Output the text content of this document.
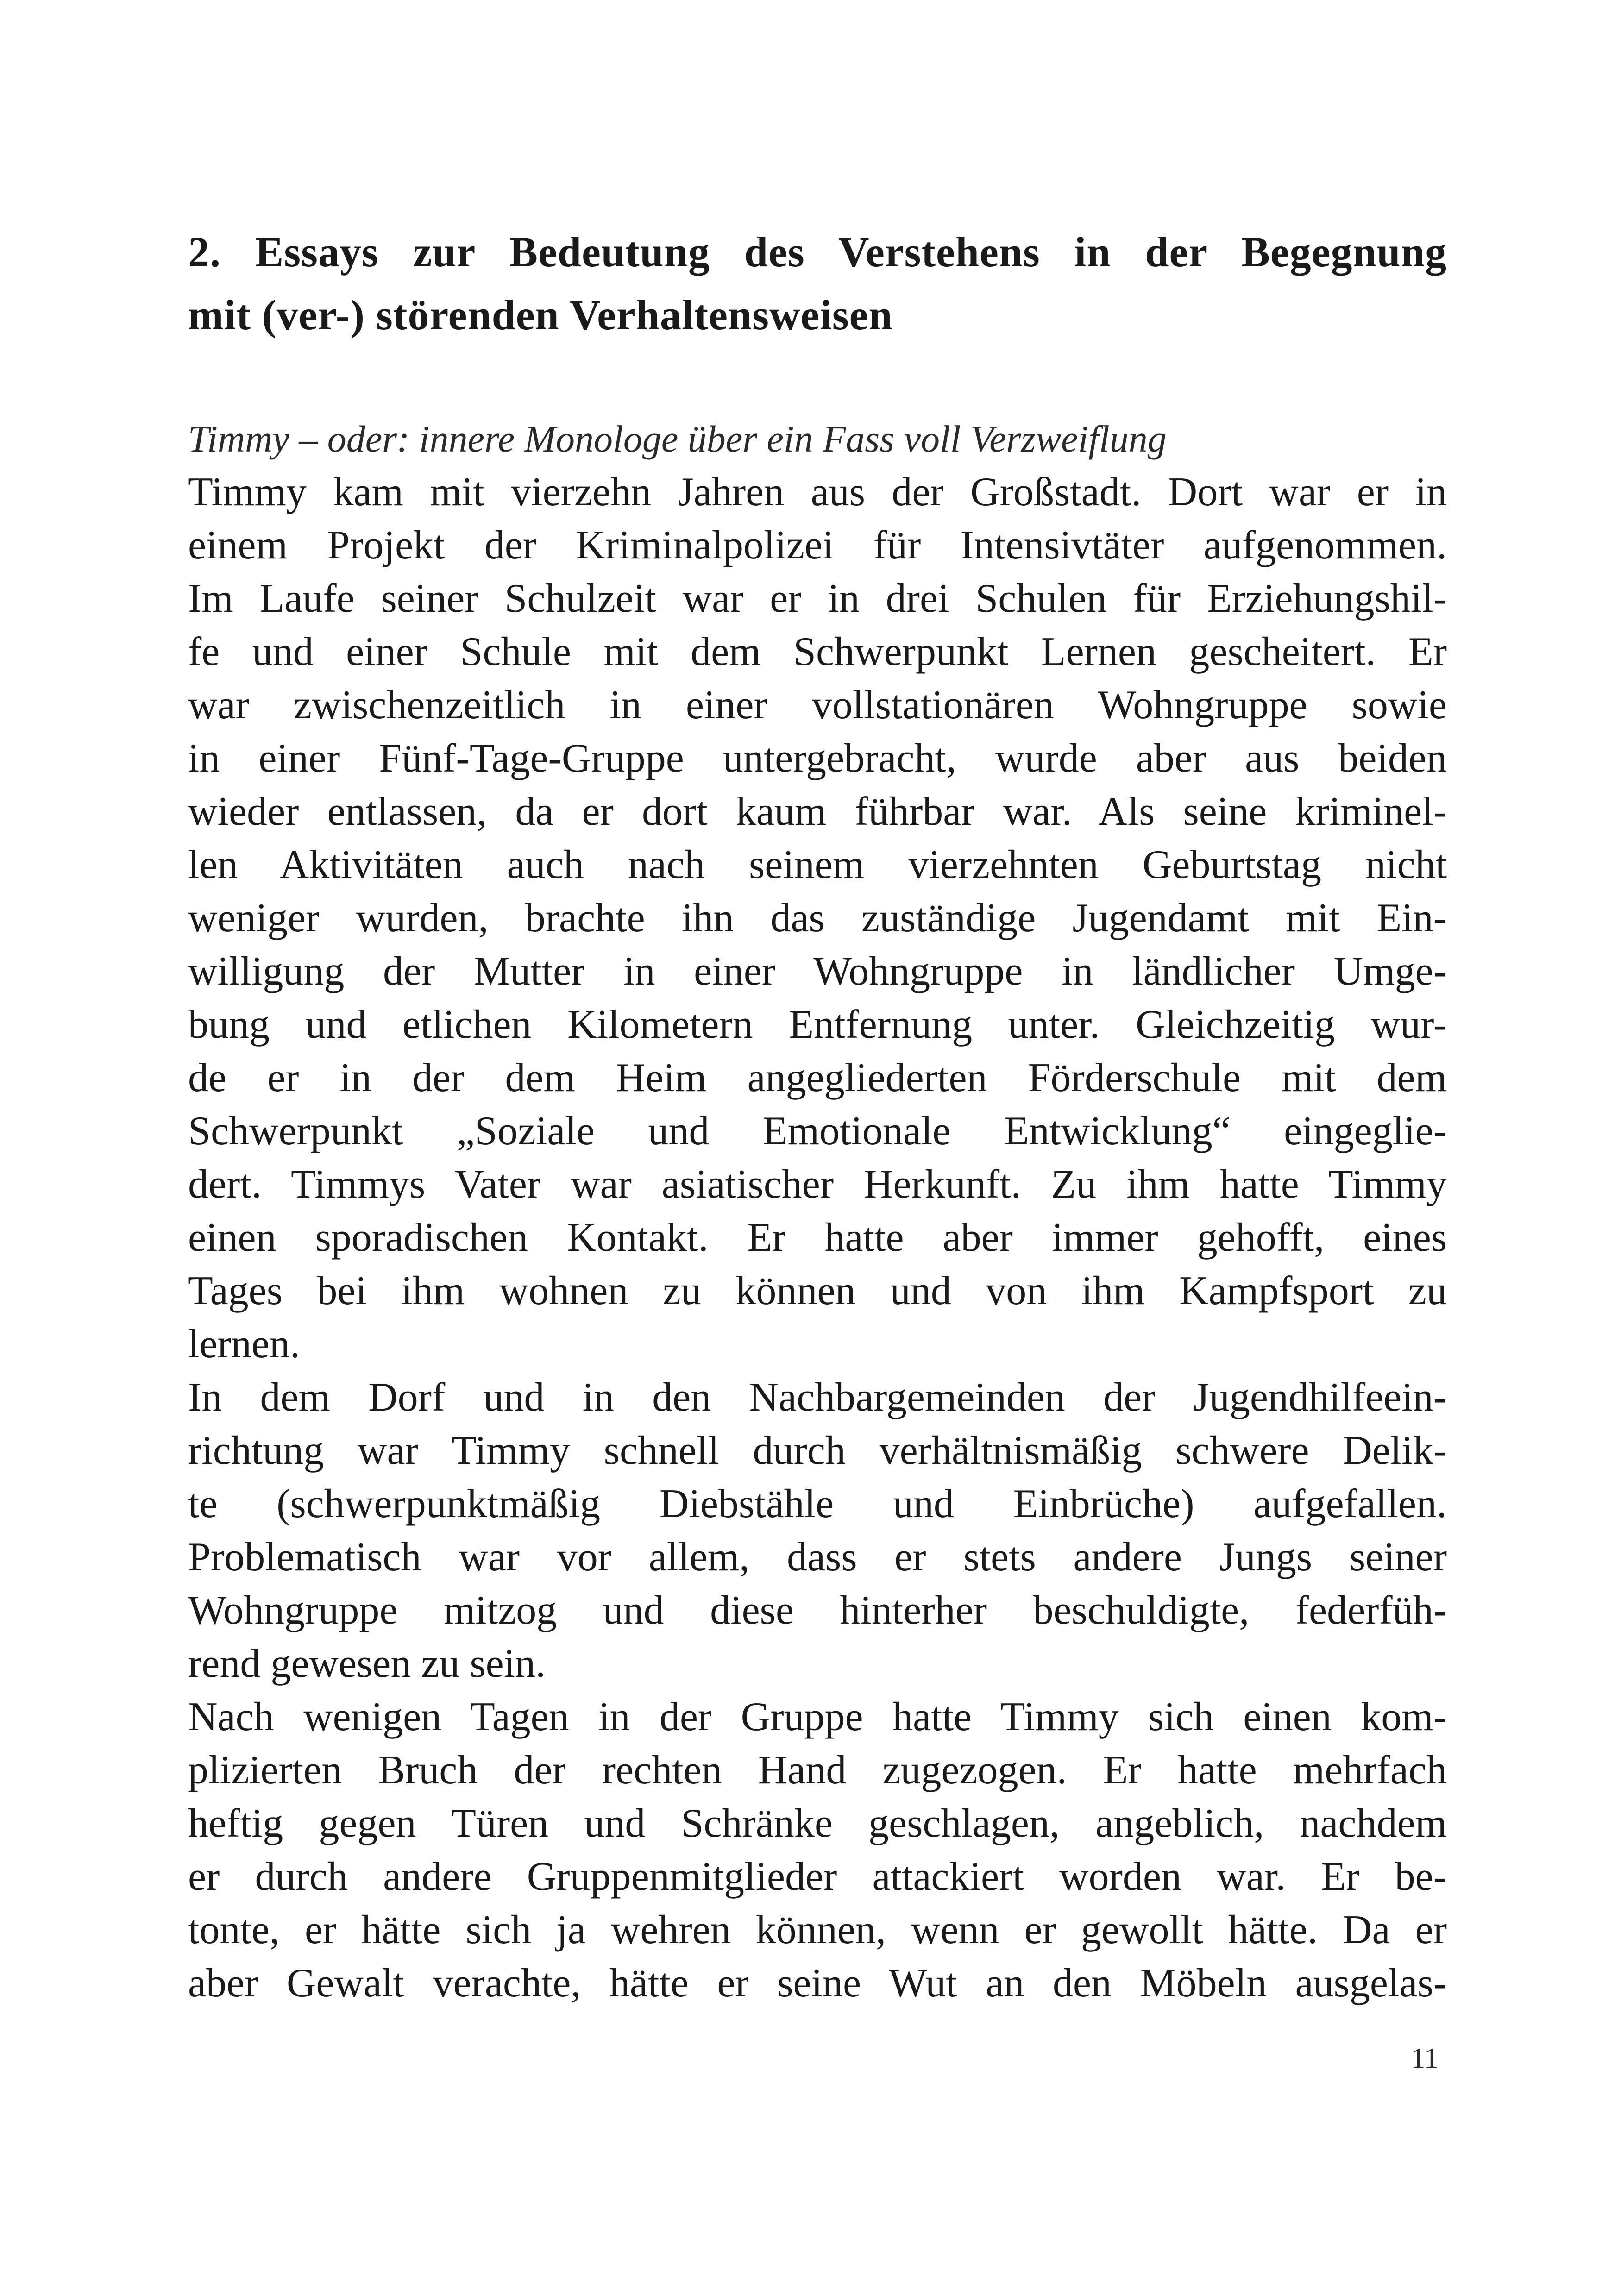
2. Essays zur Bedeutung des Verstehens in der Begegnung
mit (ver-) störenden Verhaltensweisen

Timmy – oder: innere Monologe über ein Fass voll Verzweiflung

Timmy kam mit vierzehn Jahren aus der Großstadt. Dort war er in
einem Projekt der Kriminalpolizei für Intensivtäter aufgenommen.
Im Laufe seiner Schulzeit war er in drei Schulen für Erziehungshil-
fe und einer Schule mit dem Schwerpunkt Lernen gescheitert. Er
war zwischenzeitlich in einer vollstationären Wohngruppe sowie
in einer Fünf-Tage-Gruppe untergebracht, wurde aber aus beiden
wieder entlassen, da er dort kaum führbar war. Als seine kriminel-
len Aktivitäten auch nach seinem vierzehnten Geburtstag nicht
weniger wurden, brachte ihn das zuständige Jugendamt mit Ein-
willigung der Mutter in einer Wohngruppe in ländlicher Umge-
bung und etlichen Kilometern Entfernung unter. Gleichzeitig wur-
de er in der dem Heim angegliederten Förderschule mit dem
Schwerpunkt „Soziale und Emotionale Entwicklung“ eingeglie-
dert. Timmys Vater war asiatischer Herkunft. Zu ihm hatte Timmy
einen sporadischen Kontakt. Er hatte aber immer gehofft, eines
Tages bei ihm wohnen zu können und von ihm Kampfsport zu
lernen.
In dem Dorf und in den Nachbargemeinden der Jugendhilfeein-
richtung war Timmy schnell durch verhältnismäßig schwere Delik-
te (schwerpunktmäßig Diebstähle und Einbrüche) aufgefallen.
Problematisch war vor allem, dass er stets andere Jungs seiner
Wohngruppe mitzog und diese hinterher beschuldigte, federfüh-
rend gewesen zu sein.
Nach wenigen Tagen in der Gruppe hatte Timmy sich einen kom-
plizierten Bruch der rechten Hand zugezogen. Er hatte mehrfach
heftig gegen Türen und Schränke geschlagen, angeblich, nachdem
er durch andere Gruppenmitglieder attackiert worden war. Er be-
tonte, er hätte sich ja wehren können, wenn er gewollt hätte. Da er
aber Gewalt verachte, hätte er seine Wut an den Möbeln ausgelas-
11
